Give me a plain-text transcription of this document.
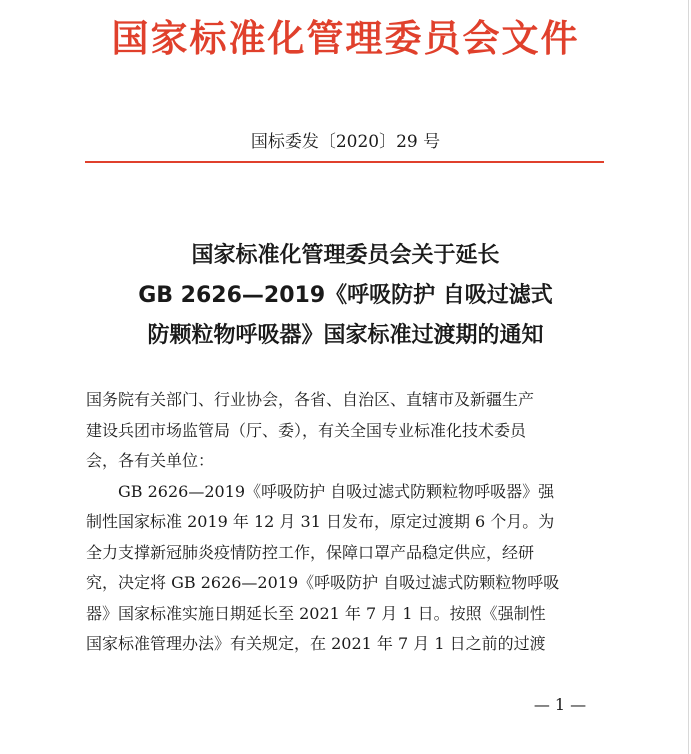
国家标准化管理委员会文件
国标委发〔2020〕29 号
国家标准化管理委员会关于延长
GB 2626—2019《呼吸防护 自吸过滤式
防颗粒物呼吸器》国家标准过渡期的通知
国务院有关部门、行业协会，各省、自治区、直辖市及新疆生产
建设兵团市场监管局（厅、委），有关全国专业标准化技术委员
会，各有关单位：
　　GB 2626—2019《呼吸防护 自吸过滤式防颗粒物呼吸器》强
制性国家标准 2019 年 12 月 31 日发布，原定过渡期 6 个月。为
全力支撑新冠肺炎疫情防控工作，保障口罩产品稳定供应，经研
究，决定将 GB 2626—2019《呼吸防护 自吸过滤式防颗粒物呼吸
器》国家标准实施日期延长至 2021 年 7 月 1 日。按照《强制性
国家标准管理办法》有关规定，在 2021 年 7 月 1 日之前的过渡
— 1 —
